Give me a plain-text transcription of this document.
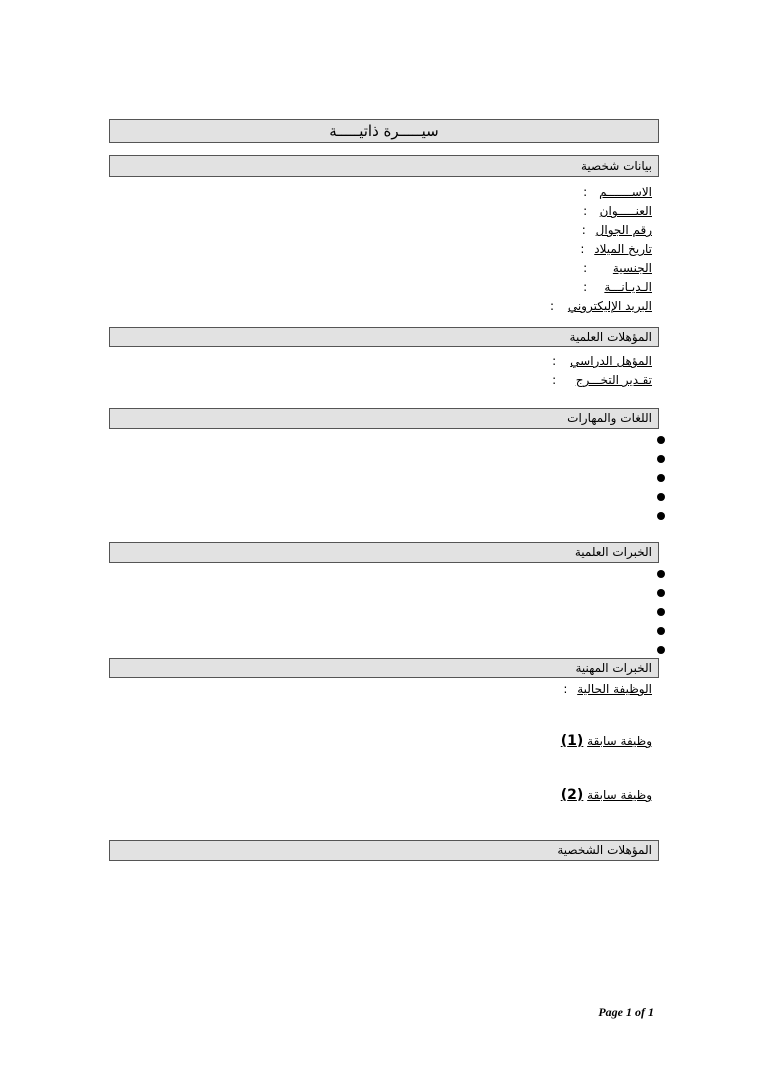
سيـــــرة ذاتيـــــة
بيانات شخصية
الاســـــــم :
العنـــــوان :
رقم الجوال :
تاريخ الميلاد :
الجنسية :
الـديـانـــة :
البريد الإليكتروني :
المؤهلات العلمية
المؤهل الدراسي :
تقـدير التخـــرج :
اللغات والمهارات
الخبرات العلمية
الخبرات المهنية
الوظيفة الحالية :
وظيفة سابقة (1)
وظيفة سابقة (2)
المؤهلات الشخصية
Page 1 of 1
